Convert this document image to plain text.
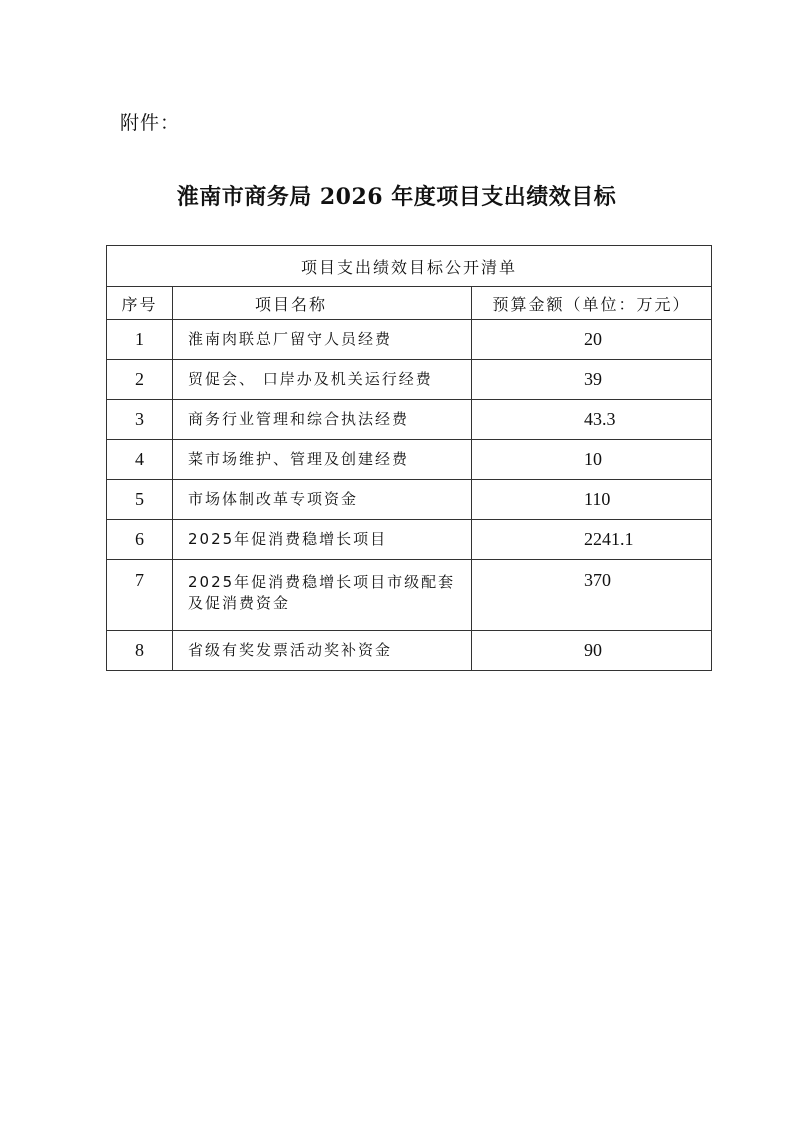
附件：
淮南市商务局 2026 年度项目支出绩效目标
项目支出绩效目标公开清单		
序号	项目名称	预算金额（单位：万元）
1	淮南肉联总厂留守人员经费	20
2	贸促会、 口岸办及机关运行经费	39
3	商务行业管理和综合执法经费	43.3
4	菜市场维护、管理及创建经费	10
5	市场体制改革专项资金	110
6	2025年促消费稳增长项目	2241.1
7	2025年促消费稳增长项目市级配套及促消费资金	370
8	省级有奖发票活动奖补资金	90
